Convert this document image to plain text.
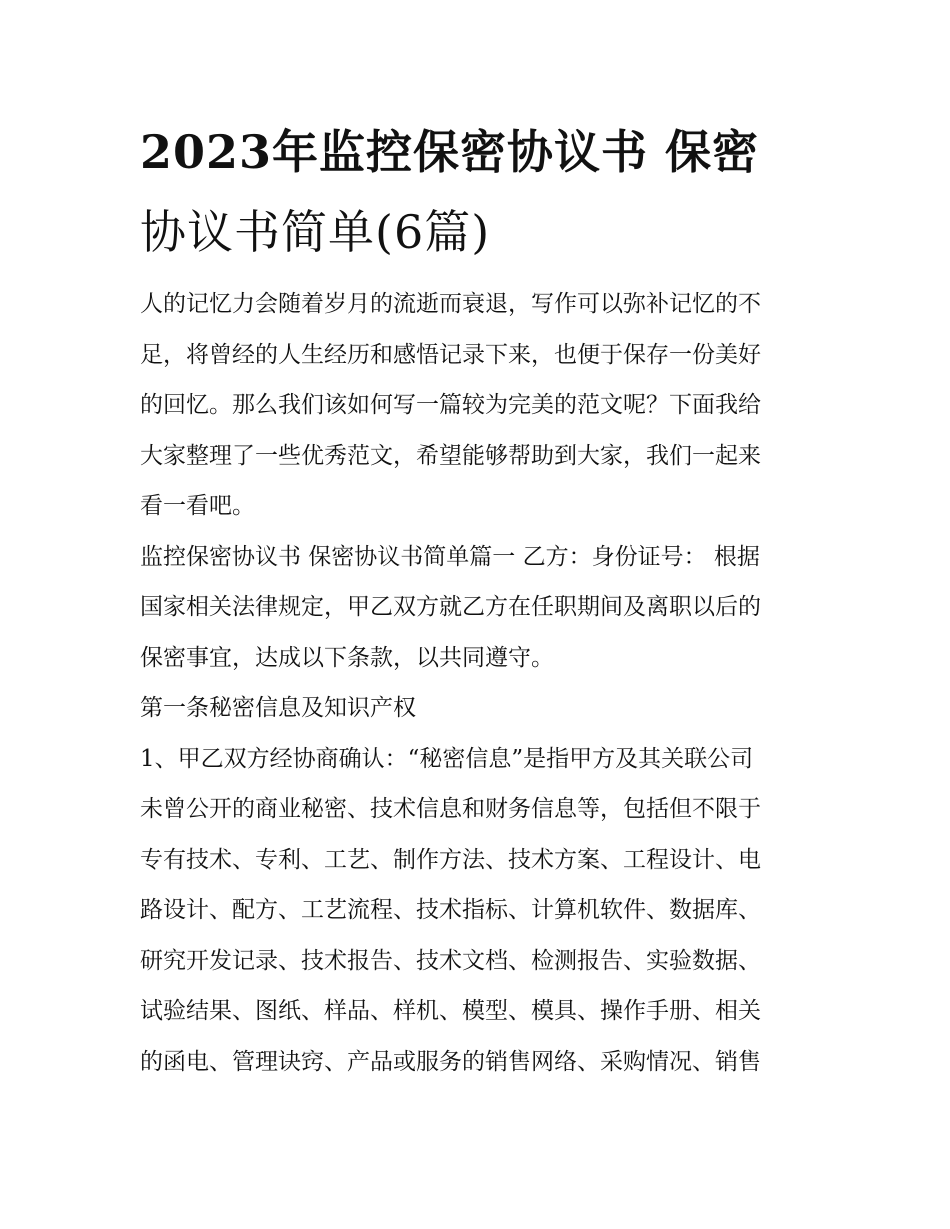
2023年监控保密协议书 保密
协议书简单(6篇)

人的记忆力会随着岁月的流逝而衰退，写作可以弥补记忆的不
足，将曾经的人生经历和感悟记录下来，也便于保存一份美好
的回忆。那么我们该如何写一篇较为完美的范文呢？下面我给
大家整理了一些优秀范文，希望能够帮助到大家，我们一起来
看一看吧。

监控保密协议书 保密协议书简单篇一 乙方：身份证号： 根据
国家相关法律规定，甲乙双方就乙方在任职期间及离职以后的
保密事宜，达成以下条款，以共同遵守。

第一条秘密信息及知识产权

1、甲乙双方经协商确认：“秘密信息”是指甲方及其关联公司
未曾公开的商业秘密、技术信息和财务信息等，包括但不限于
专有技术、专利、工艺、制作方法、技术方案、工程设计、电
路设计、配方、工艺流程、技术指标、计算机软件、数据库、
研究开发记录、技术报告、技术文档、检测报告、实验数据、
试验结果、图纸、样品、样机、模型、模具、操作手册、相关
的函电、管理诀窍、产品或服务的销售网络、采购情况、销售
